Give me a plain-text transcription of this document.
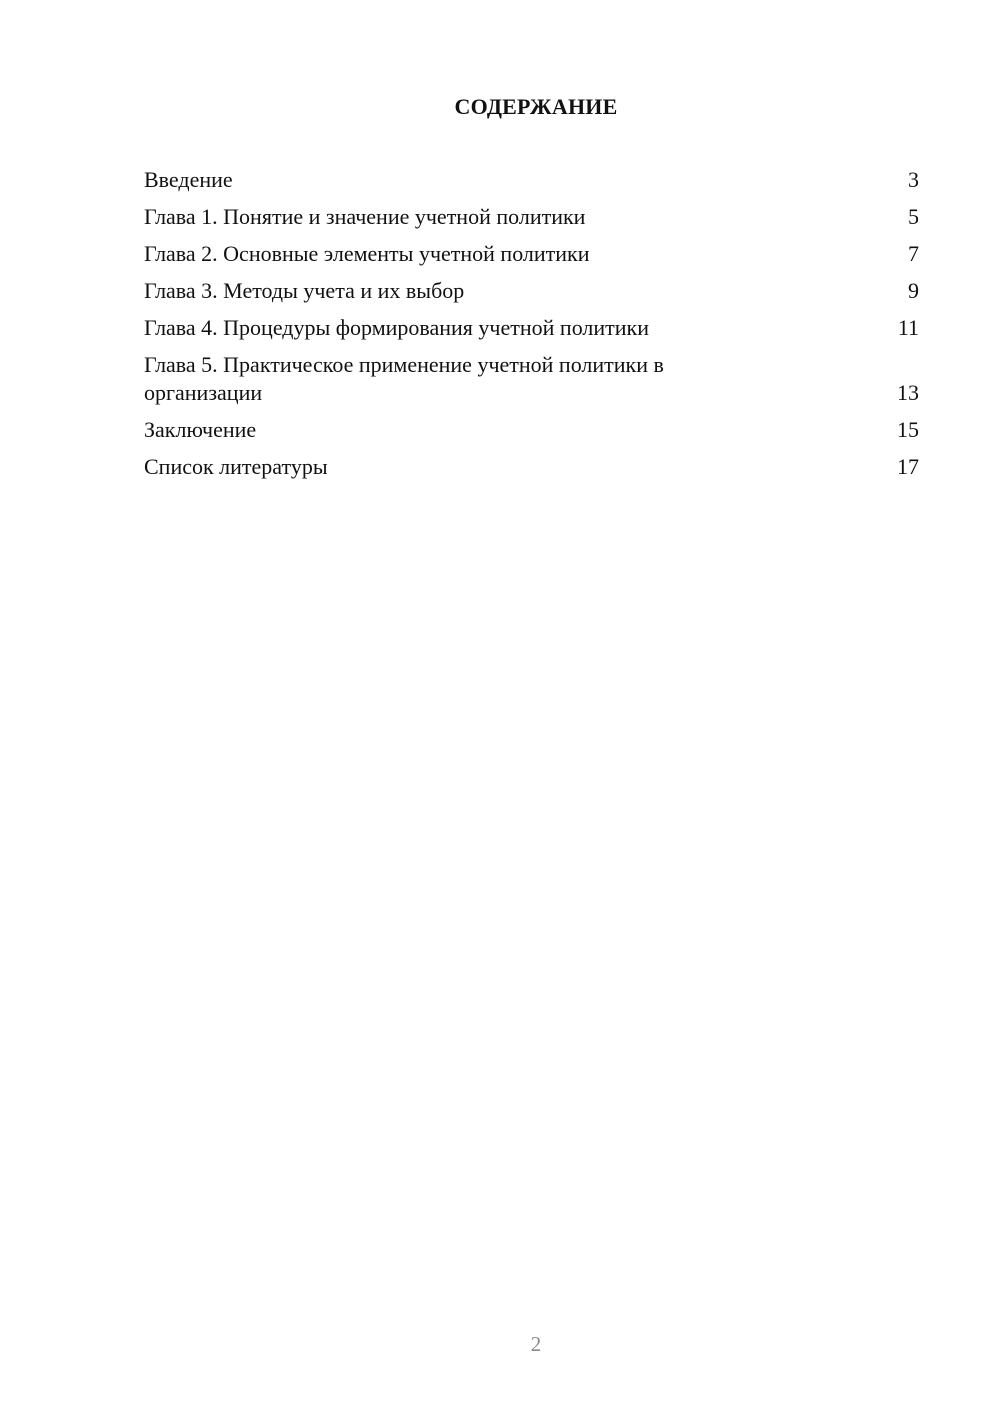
СОДЕРЖАНИЕ
Введение	3
Глава 1. Понятие и значение учетной политики	5
Глава 2. Основные элементы учетной политики	7
Глава 3. Методы учета и их выбор	9
Глава 4. Процедуры формирования учетной политики	11
Глава 5. Практическое применение учетной политики в организации	13
Заключение	15
Список литературы	17
2
